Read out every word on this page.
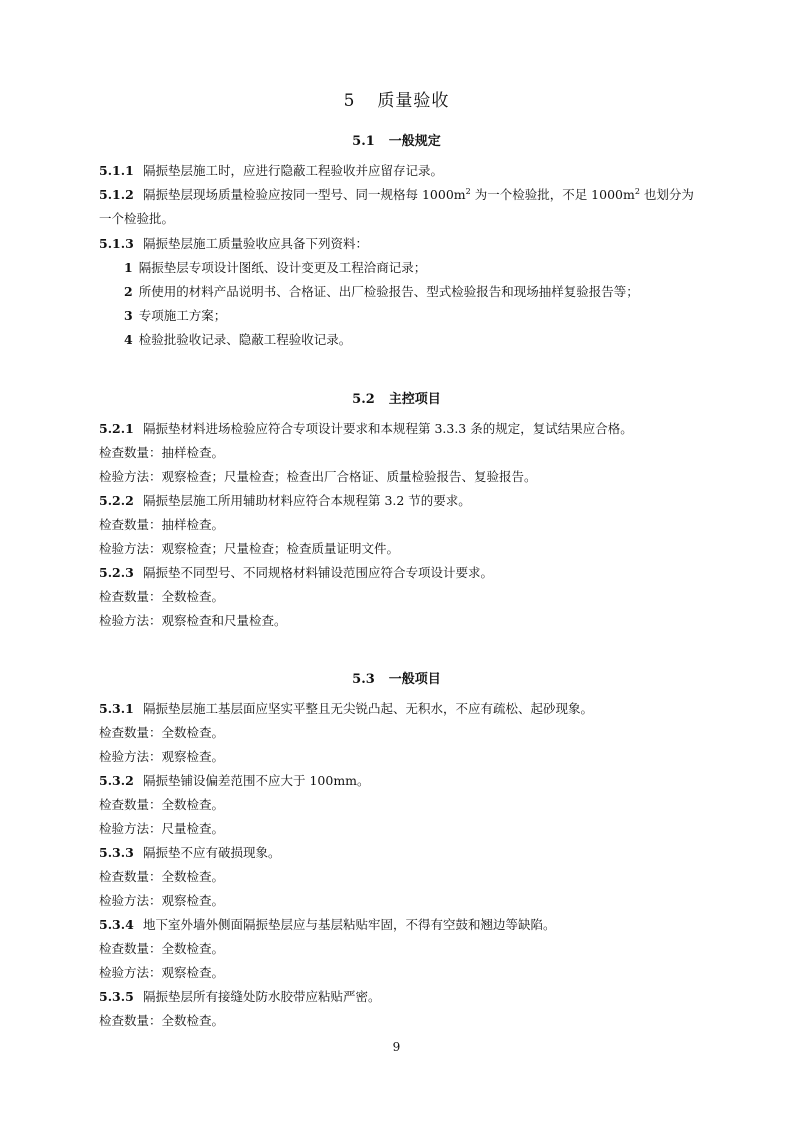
5 质量验收
5.1 一般规定
5.1.1 隔振垫层施工时，应进行隐蔽工程验收并应留存记录。
5.1.2 隔振垫层现场质量检验应按同一型号、同一规格每 $1000m^2$ 为一个检验批，不足 $1000m^2$ 也划分为
一个检验批。
5.1.3 隔振垫层施工质量验收应具备下列资料：
1 隔振垫层专项设计图纸、设计变更及工程洽商记录；
2 所使用的材料产品说明书、合格证、出厂检验报告、型式检验报告和现场抽样复验报告等；
3 专项施工方案；
4 检验批验收记录、隐蔽工程验收记录。
5.2 主控项目
5.2.1 隔振垫材料进场检验应符合专项设计要求和本规程第 3.3.3 条的规定，复试结果应合格。
检查数量：抽样检查。
检验方法：观察检查；尺量检查；检查出厂合格证、质量检验报告、复验报告。
5.2.2 隔振垫层施工所用辅助材料应符合本规程第 3.2 节的要求。
检查数量：抽样检查。
检验方法：观察检查；尺量检查；检查质量证明文件。
5.2.3 隔振垫不同型号、不同规格材料铺设范围应符合专项设计要求。
检查数量：全数检查。
检验方法：观察检查和尺量检查。
5.3 一般项目
5.3.1 隔振垫层施工基层面应坚实平整且无尖锐凸起、无积水，不应有疏松、起砂现象。
检查数量：全数检查。
检验方法：观察检查。
5.3.2 隔振垫铺设偏差范围不应大于 100mm。
检查数量：全数检查。
检验方法：尺量检查。
5.3.3 隔振垫不应有破损现象。
检查数量：全数检查。
检验方法：观察检查。
5.3.4 地下室外墙外侧面隔振垫层应与基层粘贴牢固，不得有空鼓和翘边等缺陷。
检查数量：全数检查。
检验方法：观察检查。
5.3.5 隔振垫层所有接缝处防水胶带应粘贴严密。
检查数量：全数检查。
9
